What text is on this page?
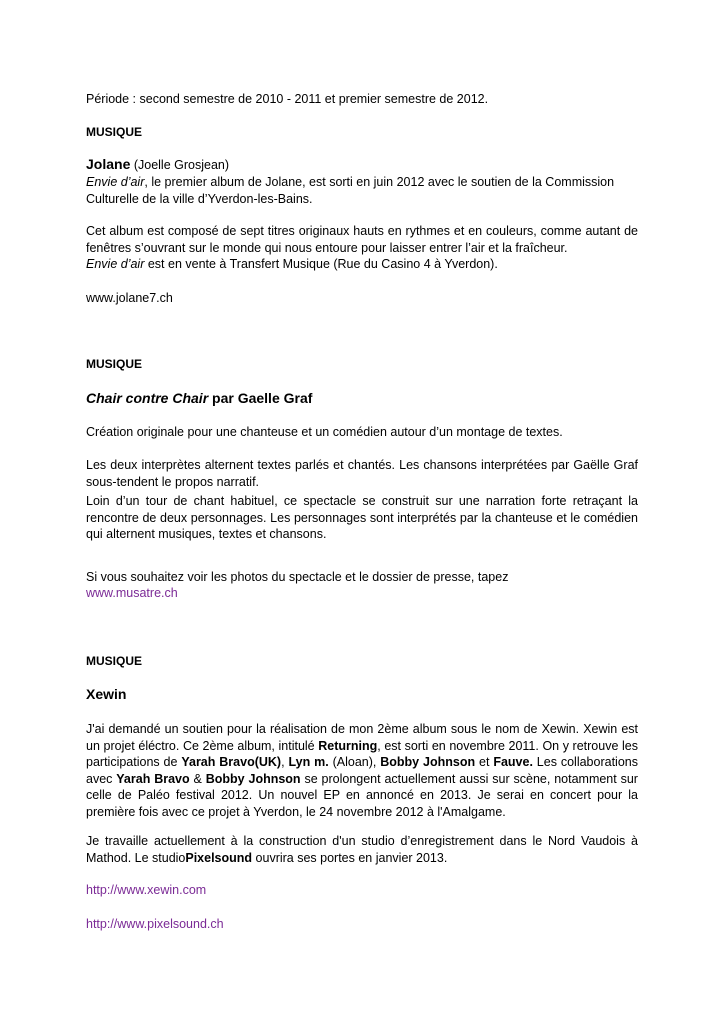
Période : second semestre de 2010 - 2011 et premier semestre de 2012.
MUSIQUE
Jolane (Joelle Grosjean)
Envie d’air, le premier album de Jolane, est sorti en juin 2012 avec le soutien de la Commission Culturelle de la ville d’Yverdon-les-Bains.
Cet album est composé de sept titres originaux hauts en rythmes et en couleurs, comme autant de fenêtres s’ouvrant sur le monde qui nous entoure pour laisser entrer l’air et la fraîcheur.
Envie d’air est en vente à Transfert Musique (Rue du Casino 4 à Yverdon).
www.jolane7.ch
MUSIQUE
Chair contre Chair par Gaelle Graf
Création originale pour une chanteuse et un comédien autour d’un montage de textes.
Les deux interprètes alternent textes parlés et chantés. Les chansons interprétées par Gaëlle Graf sous-tendent le propos narratif.
Loin d’un tour de chant habituel, ce spectacle se construit sur une narration forte retraçant la rencontre de deux personnages. Les personnages sont interprétés par la chanteuse et le comédien qui alternent musiques, textes et chansons.
Si vous souhaitez voir les photos du spectacle et le dossier de presse, tapez
www.musatre.ch
MUSIQUE
Xewin
J'ai demandé un soutien pour la réalisation de mon 2ème album sous le nom de Xewin. Xewin est un projet éléctro. Ce 2ème album, intitulé Returning, est sorti en novembre 2011. On y retrouve les participations de Yarah Bravo(UK), Lyn m. (Aloan), Bobby Johnson et Fauve. Les collaborations avec Yarah Bravo & Bobby Johnson se prolongent actuellement aussi sur scène, notamment sur celle de Paléo festival 2012. Un nouvel EP en annoncé en 2013. Je serai en concert pour la première fois avec ce projet à Yverdon, le 24 novembre 2012 à l'Amalgame.
Je travaille actuellement à la construction d'un studio d’enregistrement dans le Nord Vaudois à Mathod. Le studioPixelsound ouvrira ses portes en janvier 2013.
http://www.xewin.com
http://www.pixelsound.ch
